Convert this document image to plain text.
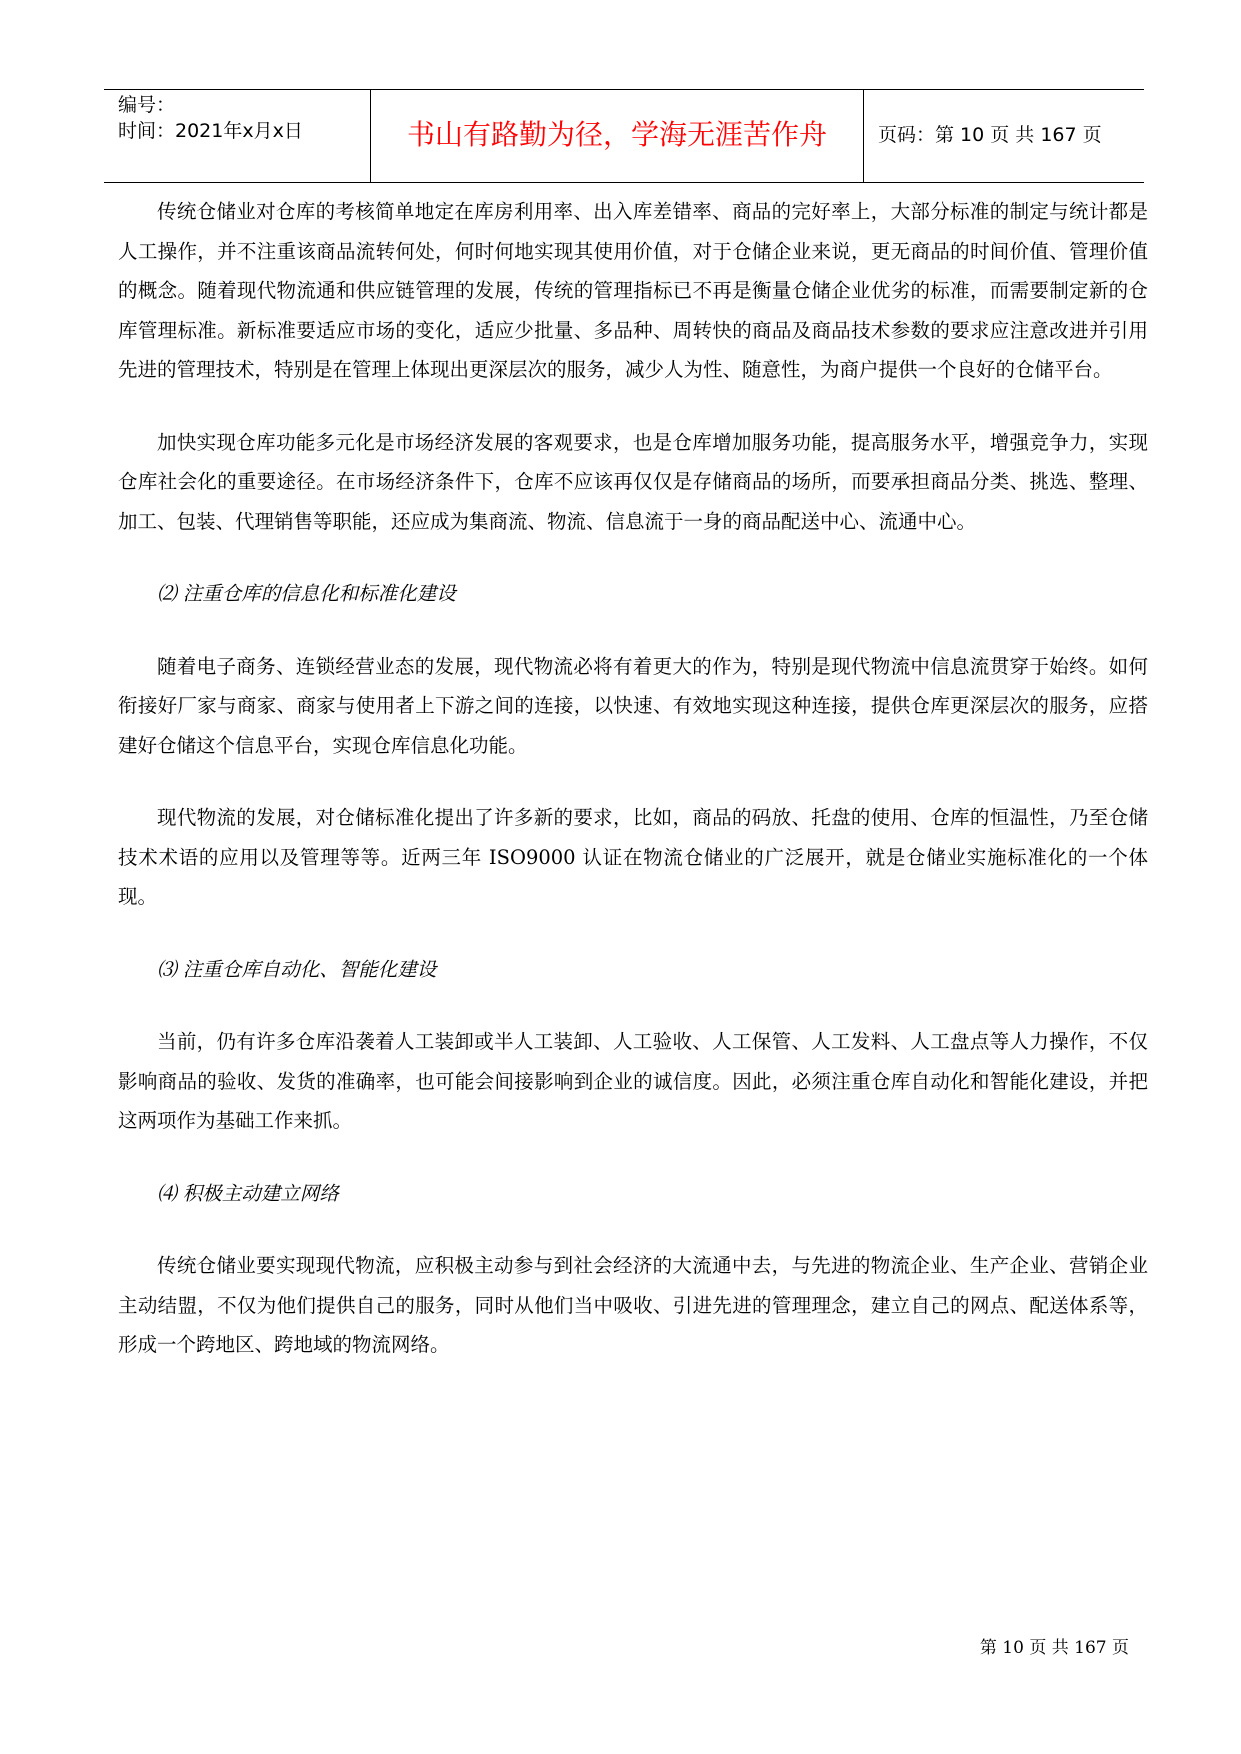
编号：
时间：2021年x月x日	书山有路勤为径，学海无涯苦作舟	页码：第 10 页 共 167 页

传统仓储业对仓库的考核简单地定在库房利用率、出入库差错率、商品的完好率上，大部分标准的制定与统计都是人工操作，并不注重该商品流转何处，何时何地实现其使用价值，对于仓储企业来说，更无商品的时间价值、管理价值的概念。随着现代物流通和供应链管理的发展，传统的管理指标已不再是衡量仓储企业优劣的标准，而需要制定新的仓库管理标准。新标准要适应市场的变化，适应少批量、多品种、周转快的商品及商品技术参数的要求应注意改进并引用先进的管理技术，特别是在管理上体现出更深层次的服务，减少人为性、随意性，为商户提供一个良好的仓储平台。

加快实现仓库功能多元化是市场经济发展的客观要求，也是仓库增加服务功能，提高服务水平，增强竞争力，实现仓库社会化的重要途径。在市场经济条件下，仓库不应该再仅仅是存储商品的场所，而要承担商品分类、挑选、整理、加工、包装、代理销售等职能，还应成为集商流、物流、信息流于一身的商品配送中心、流通中心。

⑵ 注重仓库的信息化和标准化建设

随着电子商务、连锁经营业态的发展，现代物流必将有着更大的作为，特别是现代物流中信息流贯穿于始终。如何衔接好厂家与商家、商家与使用者上下游之间的连接，以快速、有效地实现这种连接，提供仓库更深层次的服务，应搭建好仓储这个信息平台，实现仓库信息化功能。

现代物流的发展，对仓储标准化提出了许多新的要求，比如，商品的码放、托盘的使用、仓库的恒温性，乃至仓储技术术语的应用以及管理等等。近两三年 ISO9000 认证在物流仓储业的广泛展开，就是仓储业实施标准化的一个体现。

⑶ 注重仓库自动化、智能化建设

当前，仍有许多仓库沿袭着人工装卸或半人工装卸、人工验收、人工保管、人工发料、人工盘点等人力操作，不仅影响商品的验收、发货的准确率，也可能会间接影响到企业的诚信度。因此，必须注重仓库自动化和智能化建设，并把这两项作为基础工作来抓。

⑷ 积极主动建立网络

传统仓储业要实现现代物流，应积极主动参与到社会经济的大流通中去，与先进的物流企业、生产企业、营销企业主动结盟，不仅为他们提供自己的服务，同时从他们当中吸收、引进先进的管理理念，建立自己的网点、配送体系等，形成一个跨地区、跨地域的物流网络。

第 10 页 共 167 页
